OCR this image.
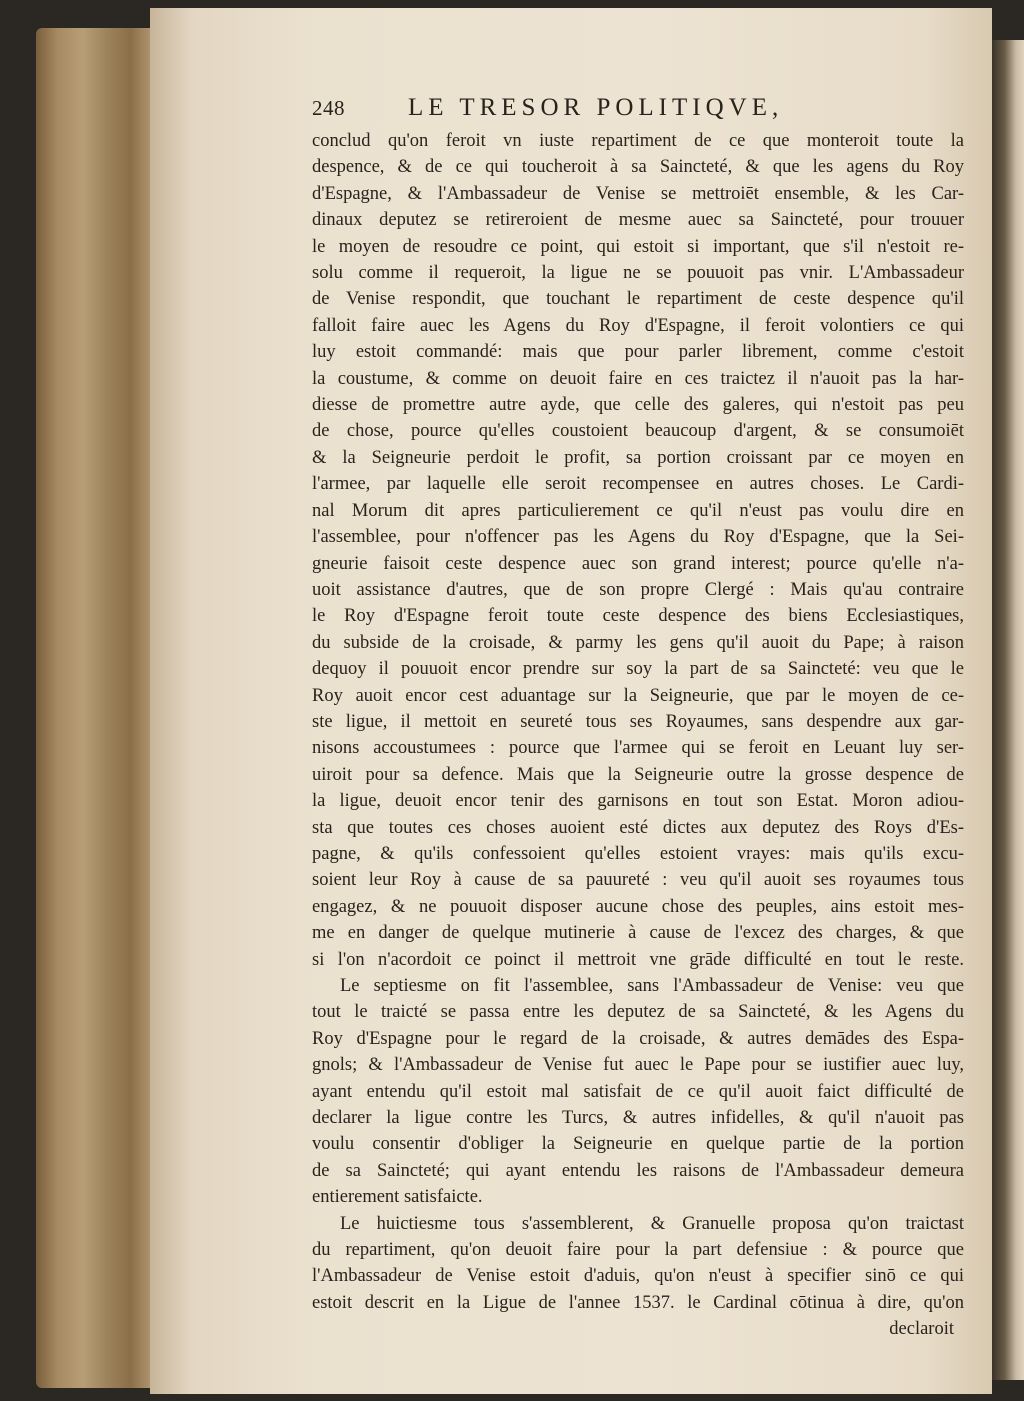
248	LE TRESOR POLITIQVE,
conclud qu'on feroit vn iuste repartiment de ce que monteroit toute la
despence, & de ce qui toucheroit à sa Saincteté, & que les agens du Roy
d'Espagne, & l'Ambassadeur de Venise se mettroiēt ensemble, & les Car-
dinaux deputez se retireroient de mesme auec sa Saincteté, pour trouuer
le moyen de resoudre ce point, qui estoit si important, que s'il n'estoit re-
solu comme il requeroit, la ligue ne se pouuoit pas vnir. L'Ambassadeur
de Venise respondit, que touchant le repartiment de ceste despence qu'il
falloit faire auec les Agens du Roy d'Espagne, il feroit volontiers ce qui
luy estoit commandé: mais que pour parler librement, comme c'estoit
la coustume, & comme on deuoit faire en ces traictez il n'auoit pas la har-
diesse de promettre autre ayde, que celle des galeres, qui n'estoit pas peu
de chose, pource qu'elles coustoient beaucoup d'argent, & se consumoiēt
& la Seigneurie perdoit le profit, sa portion croissant par ce moyen en
l'armee, par laquelle elle seroit recompensee en autres choses. Le Cardi-
nal Morum dit apres particulierement ce qu'il n'eust pas voulu dire en
l'assemblee, pour n'offencer pas les Agens du Roy d'Espagne, que la Sei-
gneurie faisoit ceste despence auec son grand interest; pource qu'elle n'a-
uoit assistance d'autres, que de son propre Clergé : Mais qu'au contraire
le Roy d'Espagne feroit toute ceste despence des biens Ecclesiastiques,
du subside de la croisade, & parmy les gens qu'il auoit du Pape; à raison
dequoy il pouuoit encor prendre sur soy la part de sa Saincteté: veu que le
Roy auoit encor cest aduantage sur la Seigneurie, que par le moyen de ce-
ste ligue, il mettoit en seureté tous ses Royaumes, sans despendre aux gar-
nisons accoustumees : pource que l'armee qui se feroit en Leuant luy ser-
uiroit pour sa defence. Mais que la Seigneurie outre la grosse despence de
la ligue, deuoit encor tenir des garnisons en tout son Estat. Moron adiou-
sta que toutes ces choses auoient esté dictes aux deputez des Roys d'Es-
pagne, & qu'ils confessoient qu'elles estoient vrayes: mais qu'ils excu-
soient leur Roy à cause de sa pauureté : veu qu'il auoit ses royaumes tous
engagez, & ne pouuoit disposer aucune chose des peuples, ains estoit mes-
me en danger de quelque mutinerie à cause de l'excez des charges, & que
si l'on n'acordoit ce poinct il mettroit vne grāde difficulté en tout le reste.
Le septiesme on fit l'assemblee, sans l'Ambassadeur de Venise: veu que
tout le traicté se passa entre les deputez de sa Saincteté, & les Agens du
Roy d'Espagne pour le regard de la croisade, & autres demādes des Espa-
gnols; & l'Ambassadeur de Venise fut auec le Pape pour se iustifier auec luy,
ayant entendu qu'il estoit mal satisfait de ce qu'il auoit faict difficulté de
declarer la ligue contre les Turcs, & autres infidelles, & qu'il n'auoit pas
voulu consentir d'obliger la Seigneurie en quelque partie de la portion
de sa Saincteté; qui ayant entendu les raisons de l'Ambassadeur demeura
entierement satisfaicte.
Le huictiesme tous s'assemblerent, & Granuelle proposa qu'on traictast
du repartiment, qu'on deuoit faire pour la part defensiue : & pource que
l'Ambassadeur de Venise estoit d'aduis, qu'on n'eust à specifier sinō ce qui
estoit descrit en la Ligue de l'annee 1537. le Cardinal cōtinua à dire, qu'on
declaroit
